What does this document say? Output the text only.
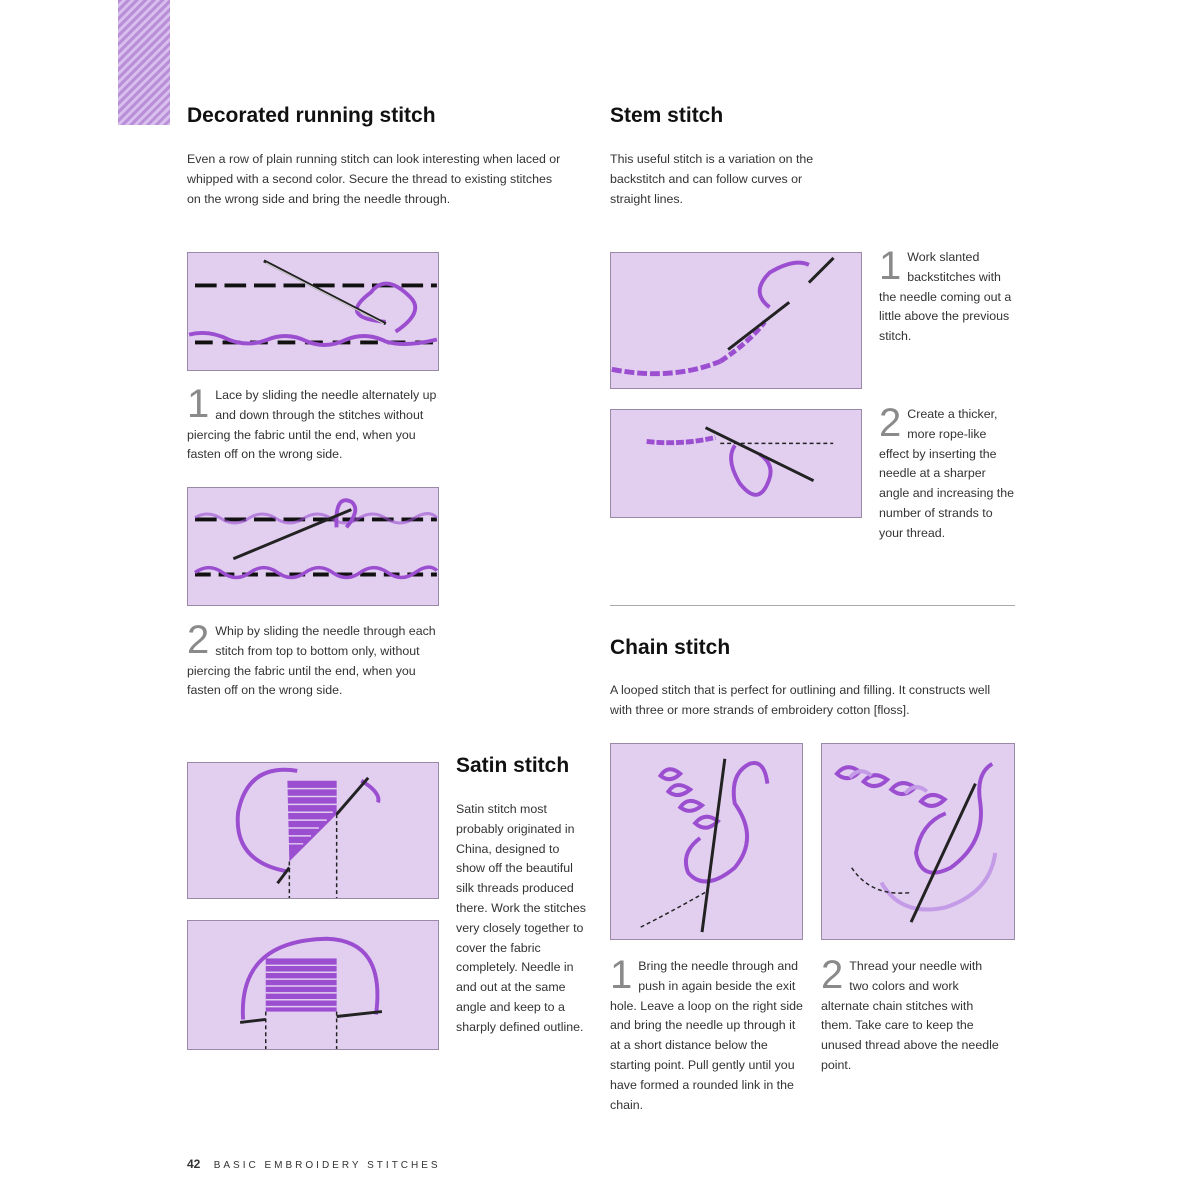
Decorated running stitch

Even a row of plain running stitch can look interesting when laced or whipped with a second color. Secure the thread to existing stitches on the wrong side and bring the needle through.

1 Lace by sliding the needle alternately up and down through the stitches without piercing the fabric until the end, when you fasten off on the wrong side.
2 Whip by sliding the needle through each stitch from top to bottom only, without piercing the fabric until the end, when you fasten off on the wrong side.
Satin stitch

Satin stitch most probably originated in China, designed to show off the beautiful silk threads produced there. Work the stitches very closely together to cover the fabric completely. Needle in and out at the same angle and keep to a sharply defined outline.

Stem stitch

This useful stitch is a variation on the backstitch and can follow curves or straight lines.

1 Work slanted backstitches with the needle coming out a little above the previous stitch.
2 Create a thicker, more rope-like effect by inserting the needle at a sharper angle and increasing the number of strands to your thread.
Chain stitch

A looped stitch that is perfect for outlining and filling. It constructs well with three or more strands of embroidery cotton [floss].

1 Bring the needle through and push in again beside the exit hole. Leave a loop on the right side and bring the needle up through it at a short distance below the starting point. Pull gently until you have formed a rounded link in the chain.
2 Thread your needle with two colors and work alternate chain stitches with them. Take care to keep the unused thread above the needle point.
42 BASIC EMBROIDERY STITCHES
